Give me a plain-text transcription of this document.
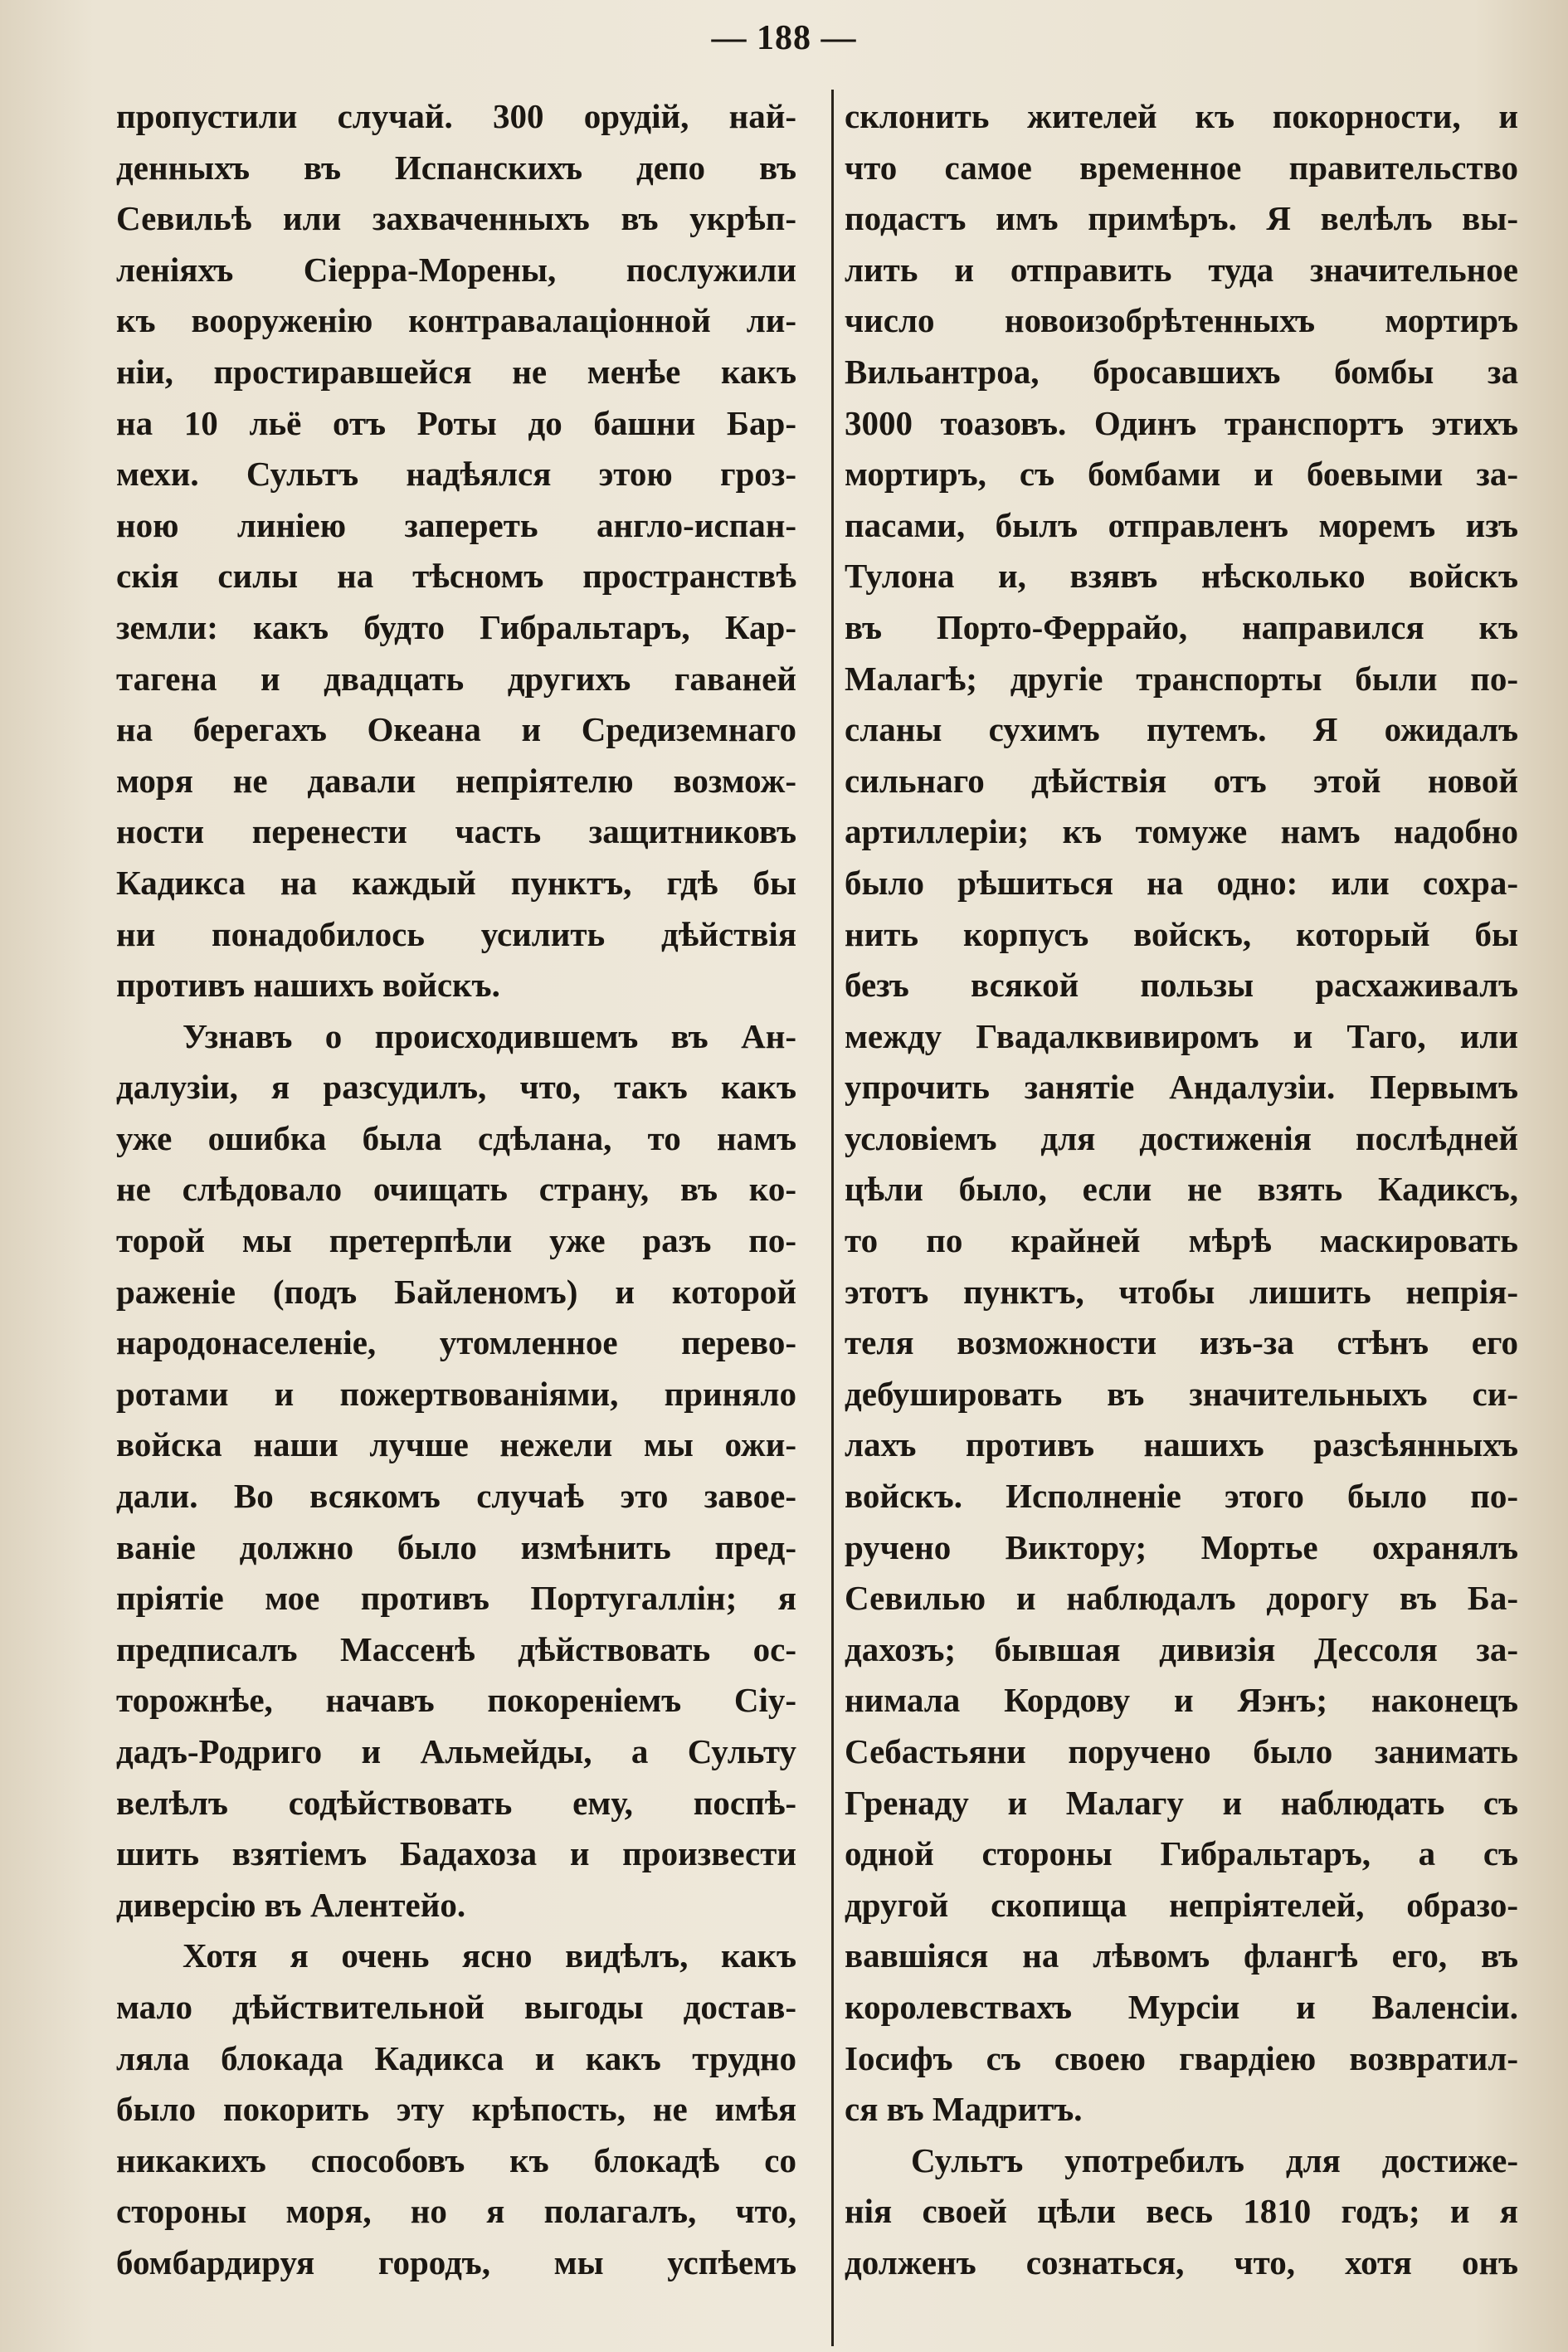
— 188 —
пропустили случай. 300 орудій, най-
денныхъ въ Испанскихъ депо въ
Севильѣ или захваченныхъ въ укрѣп-
леніяхъ Сіерра-Морены, послужили
къ вооруженію контравалаціонной ли-
ніи, простиравшейся не менѣе какъ
на 10 льё отъ Роты до башни Бар-
мехи. Сультъ надѣялся этою гроз-
ною линіею запереть англо-испан-
скія силы на тѣсномъ пространствѣ
земли: какъ будто Гибральтаръ, Кар-
тагена и двадцать другихъ гаваней
на берегахъ Океана и Средиземнаго
моря не давали непріятелю возмож-
ности перенести часть защитниковъ
Кадикса на каждый пунктъ, гдѣ бы
ни понадобилось усилить дѣйствія
противъ нашихъ войскъ.
Узнавъ о происходившемъ въ Ан-
далузіи, я разсудилъ, что, такъ какъ
уже ошибка была сдѣлана, то намъ
не слѣдовало очищать страну, въ ко-
торой мы претерпѣли уже разъ по-
раженіе (подъ Байленомъ) и которой
народонаселеніе, утомленное перево-
ротами и пожертвованіями, приняло
войска наши лучше нежели мы ожи-
дали. Во всякомъ случаѣ это завое-
ваніе должно было измѣнить пред-
пріятіе мое противъ Португаллін; я
предписалъ Массенѣ дѣйствовать ос-
торожнѣе, начавъ покореніемъ Сіу-
дадъ-Родриго и Альмейды, а Сульту
велѣлъ содѣйствовать ему, поспѣ-
шить взятіемъ Бадахоза и произвести
диверсію въ Алентейо.
Хотя я очень ясно видѣлъ, какъ
мало дѣйствительной выгоды достав-
ляла блокада Кадикса и какъ трудно
было покорить эту крѣпость, не имѣя
никакихъ способовъ къ блокадѣ со
стороны моря, но я полагалъ, что,
бомбардируя городъ, мы успѣемъ
склонить жителей къ покорности, и
что самое временное правительство
подастъ имъ примѣръ. Я велѣлъ вы-
лить и отправить туда значительное
число новоизобрѣтенныхъ мортиръ
Вильантроа, бросавшихъ бомбы за
3000 тоазовъ. Одинъ транспортъ этихъ
мортиръ, съ бомбами и боевыми за-
пасами, былъ отправленъ моремъ изъ
Тулона и, взявъ нѣсколько войскъ
въ Порто-Феррайо, направился къ
Малагѣ; другіе транспорты были по-
сланы сухимъ путемъ. Я ожидалъ
сильнаго дѣйствія отъ этой новой
артиллеріи; къ томуже намъ надобно
было рѣшиться на одно: или сохра-
нить корпусъ войскъ, который бы
безъ всякой пользы расхаживалъ
между Гвадалквивиромъ и Таго, или
упрочить занятіе Андалузіи. Первымъ
условіемъ для достиженія послѣдней
цѣли было, если не взять Кадиксъ,
то по крайней мѣрѣ маскировать
этотъ пунктъ, чтобы лишить непрія-
теля возможности изъ-за стѣнъ его
дебушировать въ значительныхъ си-
лахъ противъ нашихъ разсѣянныхъ
войскъ. Исполненіе этого было по-
ручено Виктору; Мортье охранялъ
Севилью и наблюдалъ дорогу въ Ба-
дахозъ; бывшая дивизія Дессоля за-
нимала Кордову и Яэнъ; наконецъ
Себастьяни поручено было занимать
Гренаду и Малагу и наблюдать съ
одной стороны Гибральтаръ, а съ
другой скопища непріятелей, образо-
вавшіяся на лѣвомъ флангѣ его, въ
королевствахъ Мурсіи и Валенсіи.
Іосифъ съ своею гвардіею возвратил-
ся въ Мадритъ.
Сультъ употребилъ для достиже-
нія своей цѣли весь 1810 годъ; и я
долженъ сознаться, что, хотя онъ
